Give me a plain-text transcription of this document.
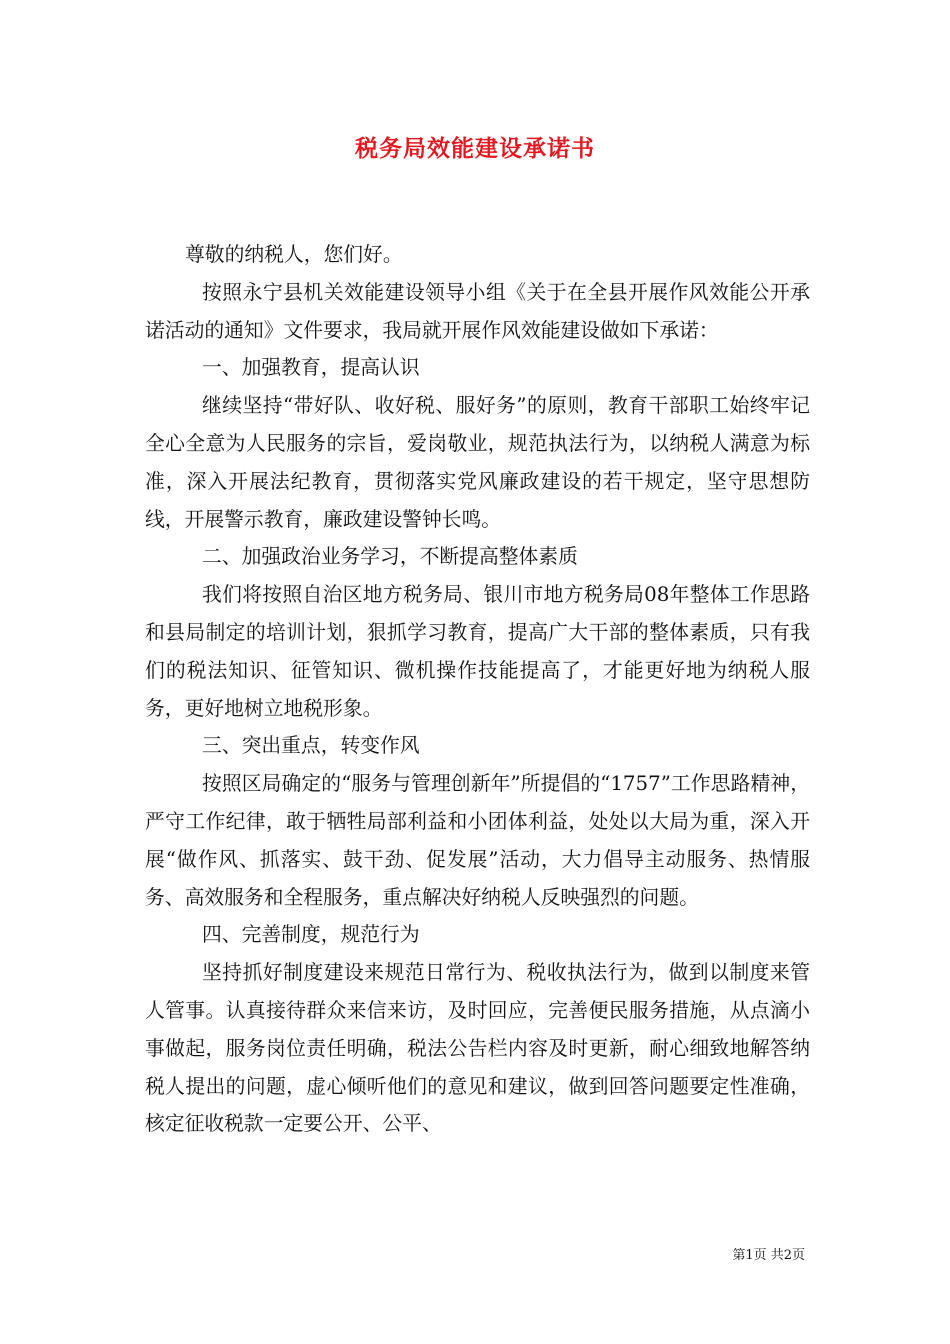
税务局效能建设承诺书

尊敬的纳税人，您们好。

按照永宁县机关效能建设领导小组《关于在全县开展作风效能公开承诺活动的通知》文件要求，我局就开展作风效能建设做如下承诺：

一、加强教育，提高认识

继续坚持“带好队、收好税、服好务”的原则，教育干部职工始终牢记全心全意为人民服务的宗旨，爱岗敬业，规范执法行为，以纳税人满意为标准，深入开展法纪教育，贯彻落实党风廉政建设的若干规定，坚守思想防线，开展警示教育，廉政建设警钟长鸣。

二、加强政治业务学习，不断提高整体素质

我们将按照自治区地方税务局、银川市地方税务局08年整体工作思路和县局制定的培训计划，狠抓学习教育，提高广大干部的整体素质，只有我们的税法知识、征管知识、微机操作技能提高了，才能更好地为纳税人服务，更好地树立地税形象。

三、突出重点，转变作风

按照区局确定的“服务与管理创新年”所提倡的“1757”工作思路精神，严守工作纪律，敢于牺牲局部利益和小团体利益，处处以大局为重，深入开展“做作风、抓落实、鼓干劲、促发展”活动，大力倡导主动服务、热情服务、高效服务和全程服务，重点解决好纳税人反映强烈的问题。

四、完善制度，规范行为

坚持抓好制度建设来规范日常行为、税收执法行为，做到以制度来管人管事。认真接待群众来信来访，及时回应，完善便民服务措施，从点滴小事做起，服务岗位责任明确，税法公告栏内容及时更新，耐心细致地解答纳税人提出的问题，虚心倾听他们的意见和建议，做到回答问题要定性准确，核定征收税款一定要公开、公平、

第1页 共2页
